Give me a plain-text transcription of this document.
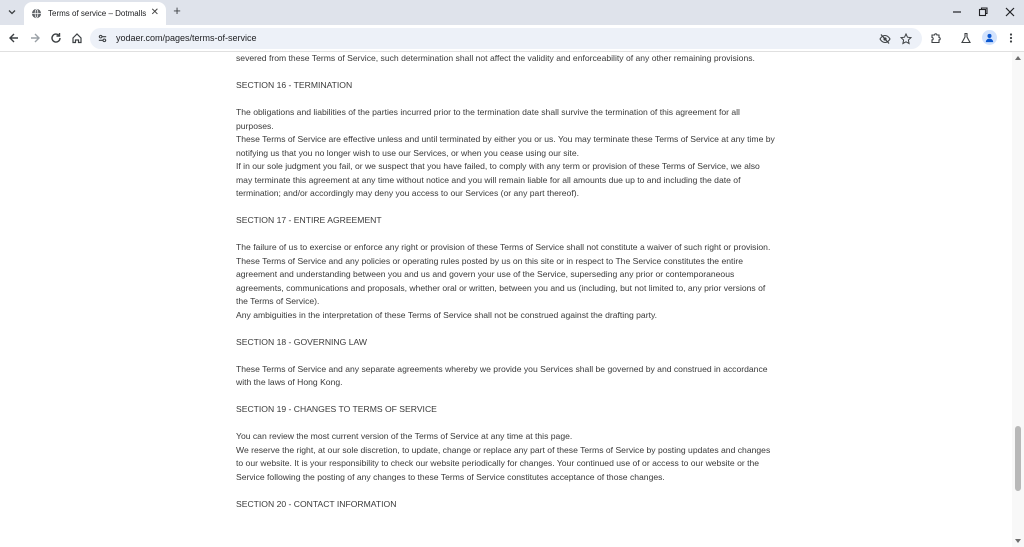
Terms of service – Dotmalls ✕ +
yodaer.com/pages/terms-of-service

severed from these Terms of Service, such determination shall not affect the validity and enforceability of any other remaining provisions.

SECTION 16 - TERMINATION

The obligations and liabilities of the parties incurred prior to the termination date shall survive the termination of this agreement for all purposes.

These Terms of Service are effective unless and until terminated by either you or us. You may terminate these Terms of Service at any time by notifying us that you no longer wish to use our Services, or when you cease using our site.

If in our sole judgment you fail, or we suspect that you have failed, to comply with any term or provision of these Terms of Service, we also may terminate this agreement at any time without notice and you will remain liable for all amounts due up to and including the date of termination; and/or accordingly may deny you access to our Services (or any part thereof).

SECTION 17 - ENTIRE AGREEMENT

The failure of us to exercise or enforce any right or provision of these Terms of Service shall not constitute a waiver of such right or provision.

These Terms of Service and any policies or operating rules posted by us on this site or in respect to The Service constitutes the entire agreement and understanding between you and us and govern your use of the Service, superseding any prior or contemporaneous agreements, communications and proposals, whether oral or written, between you and us (including, but not limited to, any prior versions of the Terms of Service).

Any ambiguities in the interpretation of these Terms of Service shall not be construed against the drafting party.

SECTION 18 - GOVERNING LAW

These Terms of Service and any separate agreements whereby we provide you Services shall be governed by and construed in accordance with the laws of Hong Kong.

SECTION 19 - CHANGES TO TERMS OF SERVICE

You can review the most current version of the Terms of Service at any time at this page.

We reserve the right, at our sole discretion, to update, change or replace any part of these Terms of Service by posting updates and changes to our website. It is your responsibility to check our website periodically for changes. Your continued use of or access to our website or the Service following the posting of any changes to these Terms of Service constitutes acceptance of those changes.

SECTION 20 - CONTACT INFORMATION
